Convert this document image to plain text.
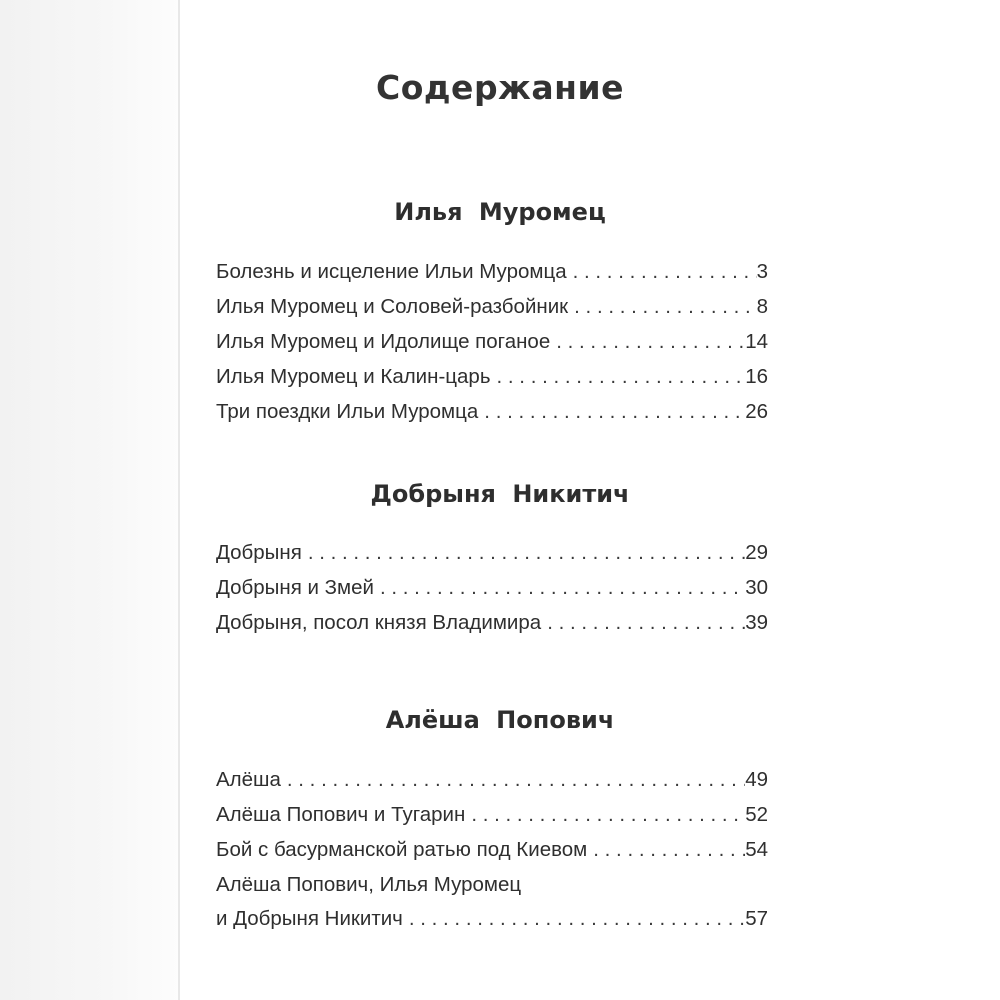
Содержание
Илья Муромец
Болезнь и исцеление Ильи Муромца . . .	3
Илья Муромец и Соловей-разбойник . . .	8
Илья Муромец и Идолище поганое . . .	14
Илья Муромец и Калин-царь . . .	16
Три поездки Ильи Муромца . . .	26
Добрыня Никитич
Добрыня . . .	29
Добрыня и Змей . . .	30
Добрыня, посол князя Владимира . . .	39
Алёша Попович
Алёша . . .	49
Алёша Попович и Тугарин . . .	52
Бой с басурманской ратью под Киевом . . .	54
Алёша Попович, Илья Муромец
и Добрыня Никитич . . .	57
